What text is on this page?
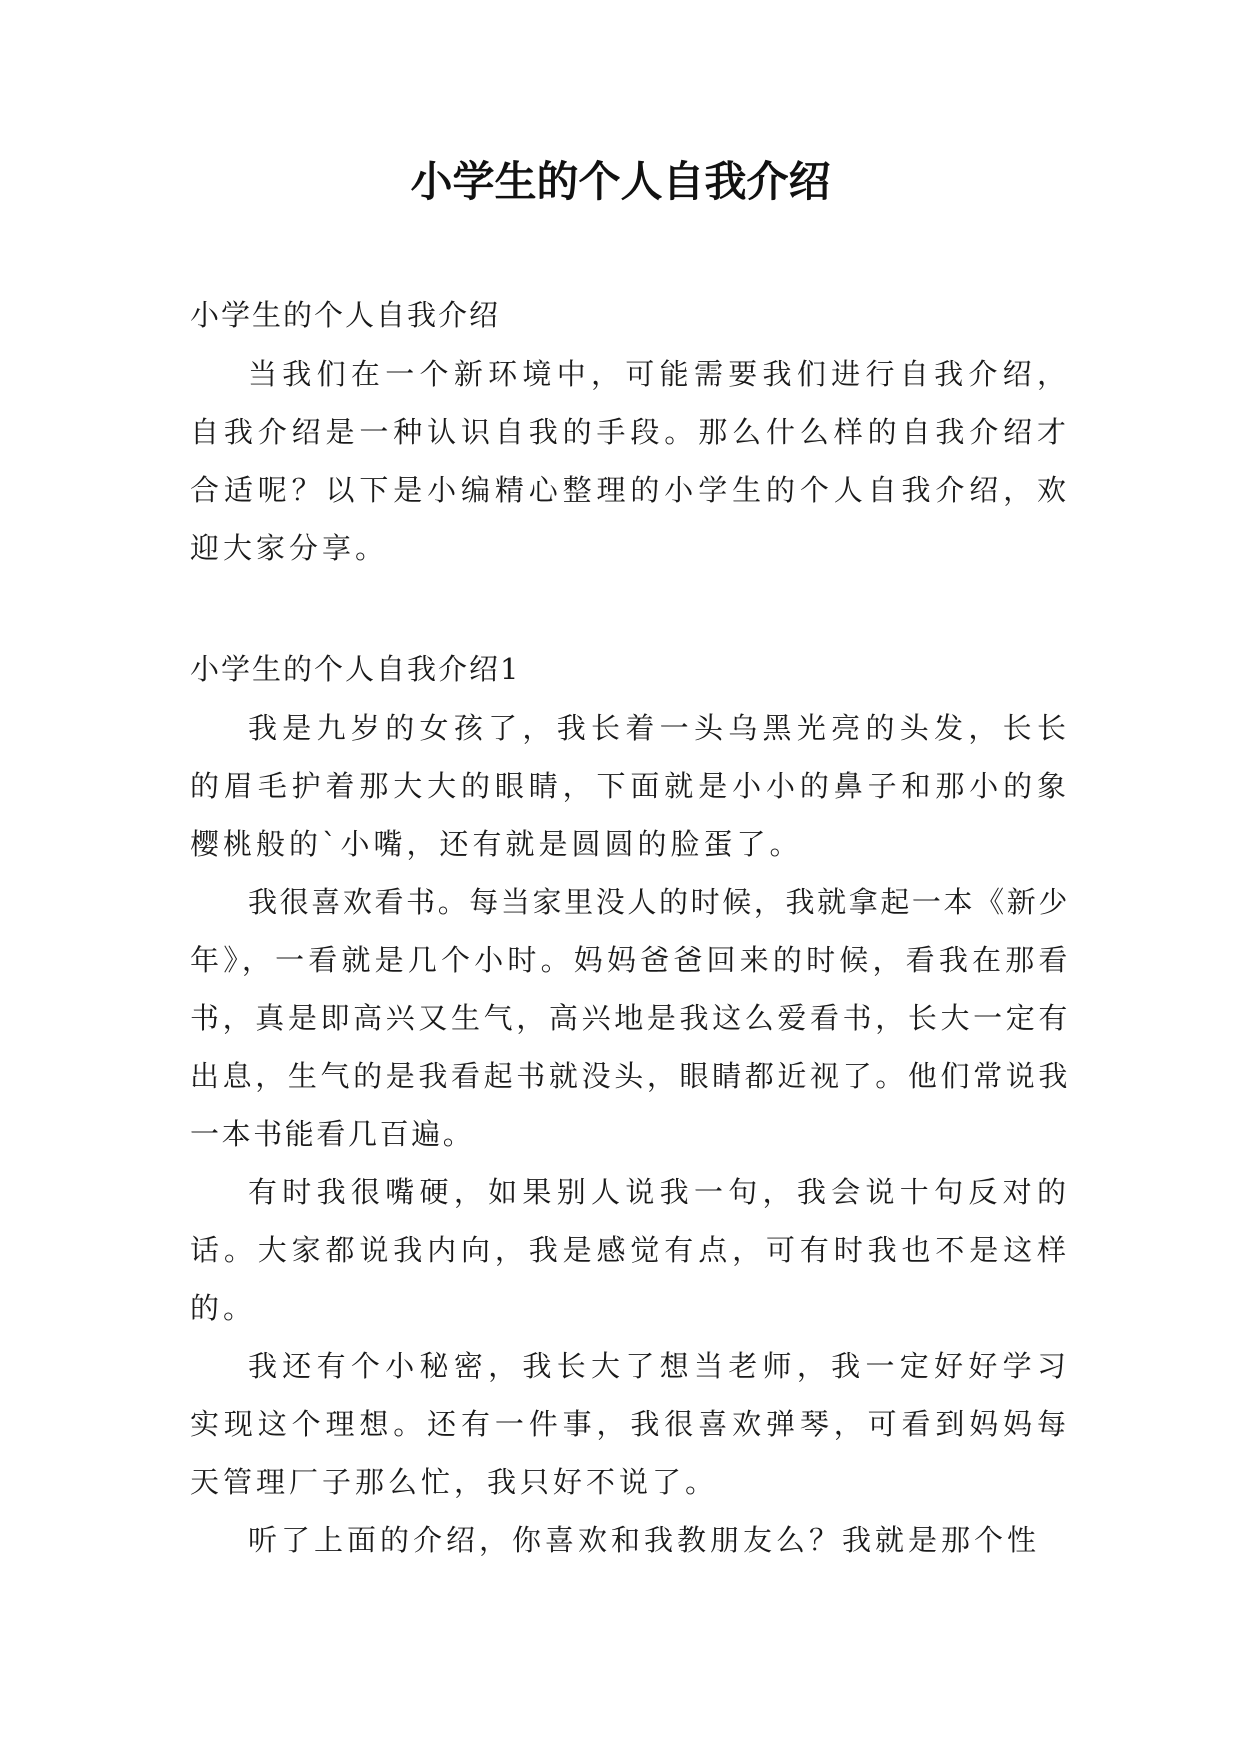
小学生的个人自我介绍

小学生的个人自我介绍

当我们在一个新环境中，可能需要我们进行自我介绍，自我介绍是一种认识自我的手段。那么什么样的自我介绍才合适呢？以下是小编精心整理的小学生的个人自我介绍，欢迎大家分享。

小学生的个人自我介绍1

我是九岁的女孩了，我长着一头乌黑光亮的头发，长长的眉毛护着那大大的眼睛，下面就是小小的鼻子和那小的象樱桃般的`小嘴，还有就是圆圆的脸蛋了。

我很喜欢看书。每当家里没人的时候，我就拿起一本《新少年》，一看就是几个小时。妈妈爸爸回来的时候，看我在那看书，真是即高兴又生气，高兴地是我这么爱看书，长大一定有出息，生气的是我看起书就没头，眼睛都近视了。他们常说我一本书能看几百遍。

有时我很嘴硬，如果别人说我一句，我会说十句反对的话。大家都说我内向，我是感觉有点，可有时我也不是这样的。

我还有个小秘密，我长大了想当老师，我一定好好学习实现这个理想。还有一件事，我很喜欢弹琴，可看到妈妈每天管理厂子那么忙，我只好不说了。

听了上面的介绍，你喜欢和我教朋友么？我就是那个性
